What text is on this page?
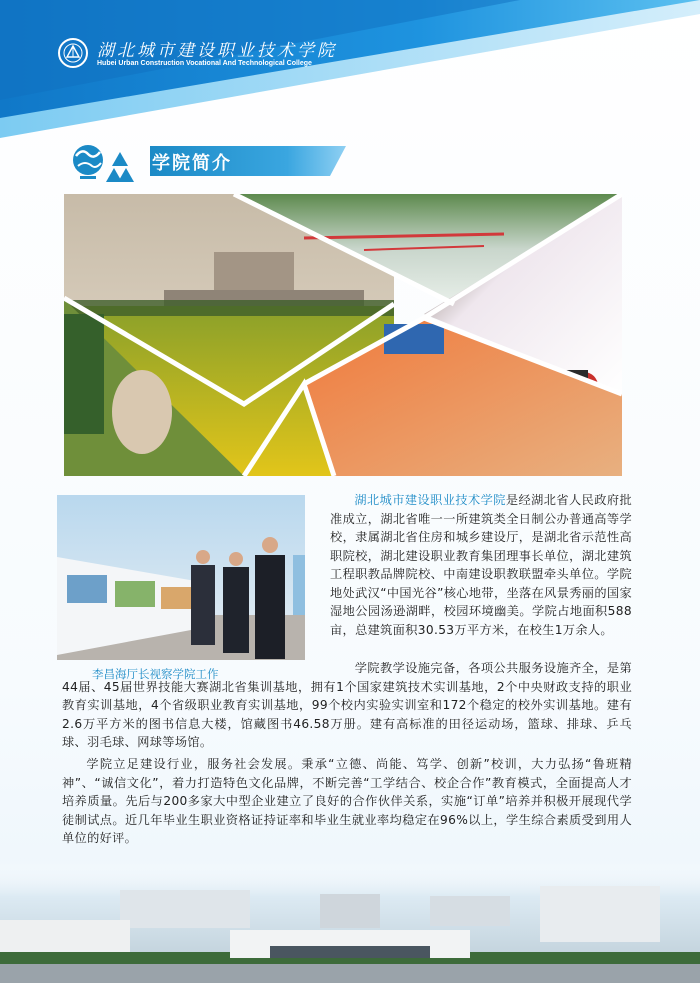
湖北城市建设职业技术学院
Hubei Urban Construction Vocational And Technological College
学院简介
李昌海厅长视察学院工作

湖北城市建设职业技术学院是经湖北省人民政府批准成立，湖北省唯一一所建筑类全日制公办普通高等学校，隶属湖北省住房和城乡建设厅，是湖北省示范性高职院校，湖北建设职业教育集团理事长单位，湖北建筑工程职教品牌院校、中南建设职教联盟牵头单位。学院地处武汉“中国光谷”核心地带，坐落在风景秀丽的国家湿地公园汤逊湖畔，校园环境幽美。学院占地面积588亩，总建筑面积30.53万平方米，在校生1万余人。

学院教学设施完备，各项公共服务设施齐全，是第44届、45届世界技能大赛湖北省集训基地，拥有1个国家建筑技术实训基地，2个中央财政支持的职业教育实训基地，4个省级职业教育实训基地，99个校内实验实训室和172个稳定的校外实训基地。建有2.6万平方米的图书信息大楼，馆藏图书46.58万册。建有高标准的田径运动场，篮球、排球、乒乓球、羽毛球、网球等场馆。

学院立足建设行业，服务社会发展。秉承“立德、尚能、笃学、创新”校训，大力弘扬“鲁班精神”、“诚信文化”，着力打造特色文化品牌，不断完善“工学结合、校企合作”教育模式，全面提高人才培养质量。先后与200多家大中型企业建立了良好的合作伙伴关系，实施“订单”培养并积极开展现代学徒制试点。近几年毕业生职业资格证持证率和毕业生就业率均稳定在96%以上，学生综合素质受到用人单位的好评。
